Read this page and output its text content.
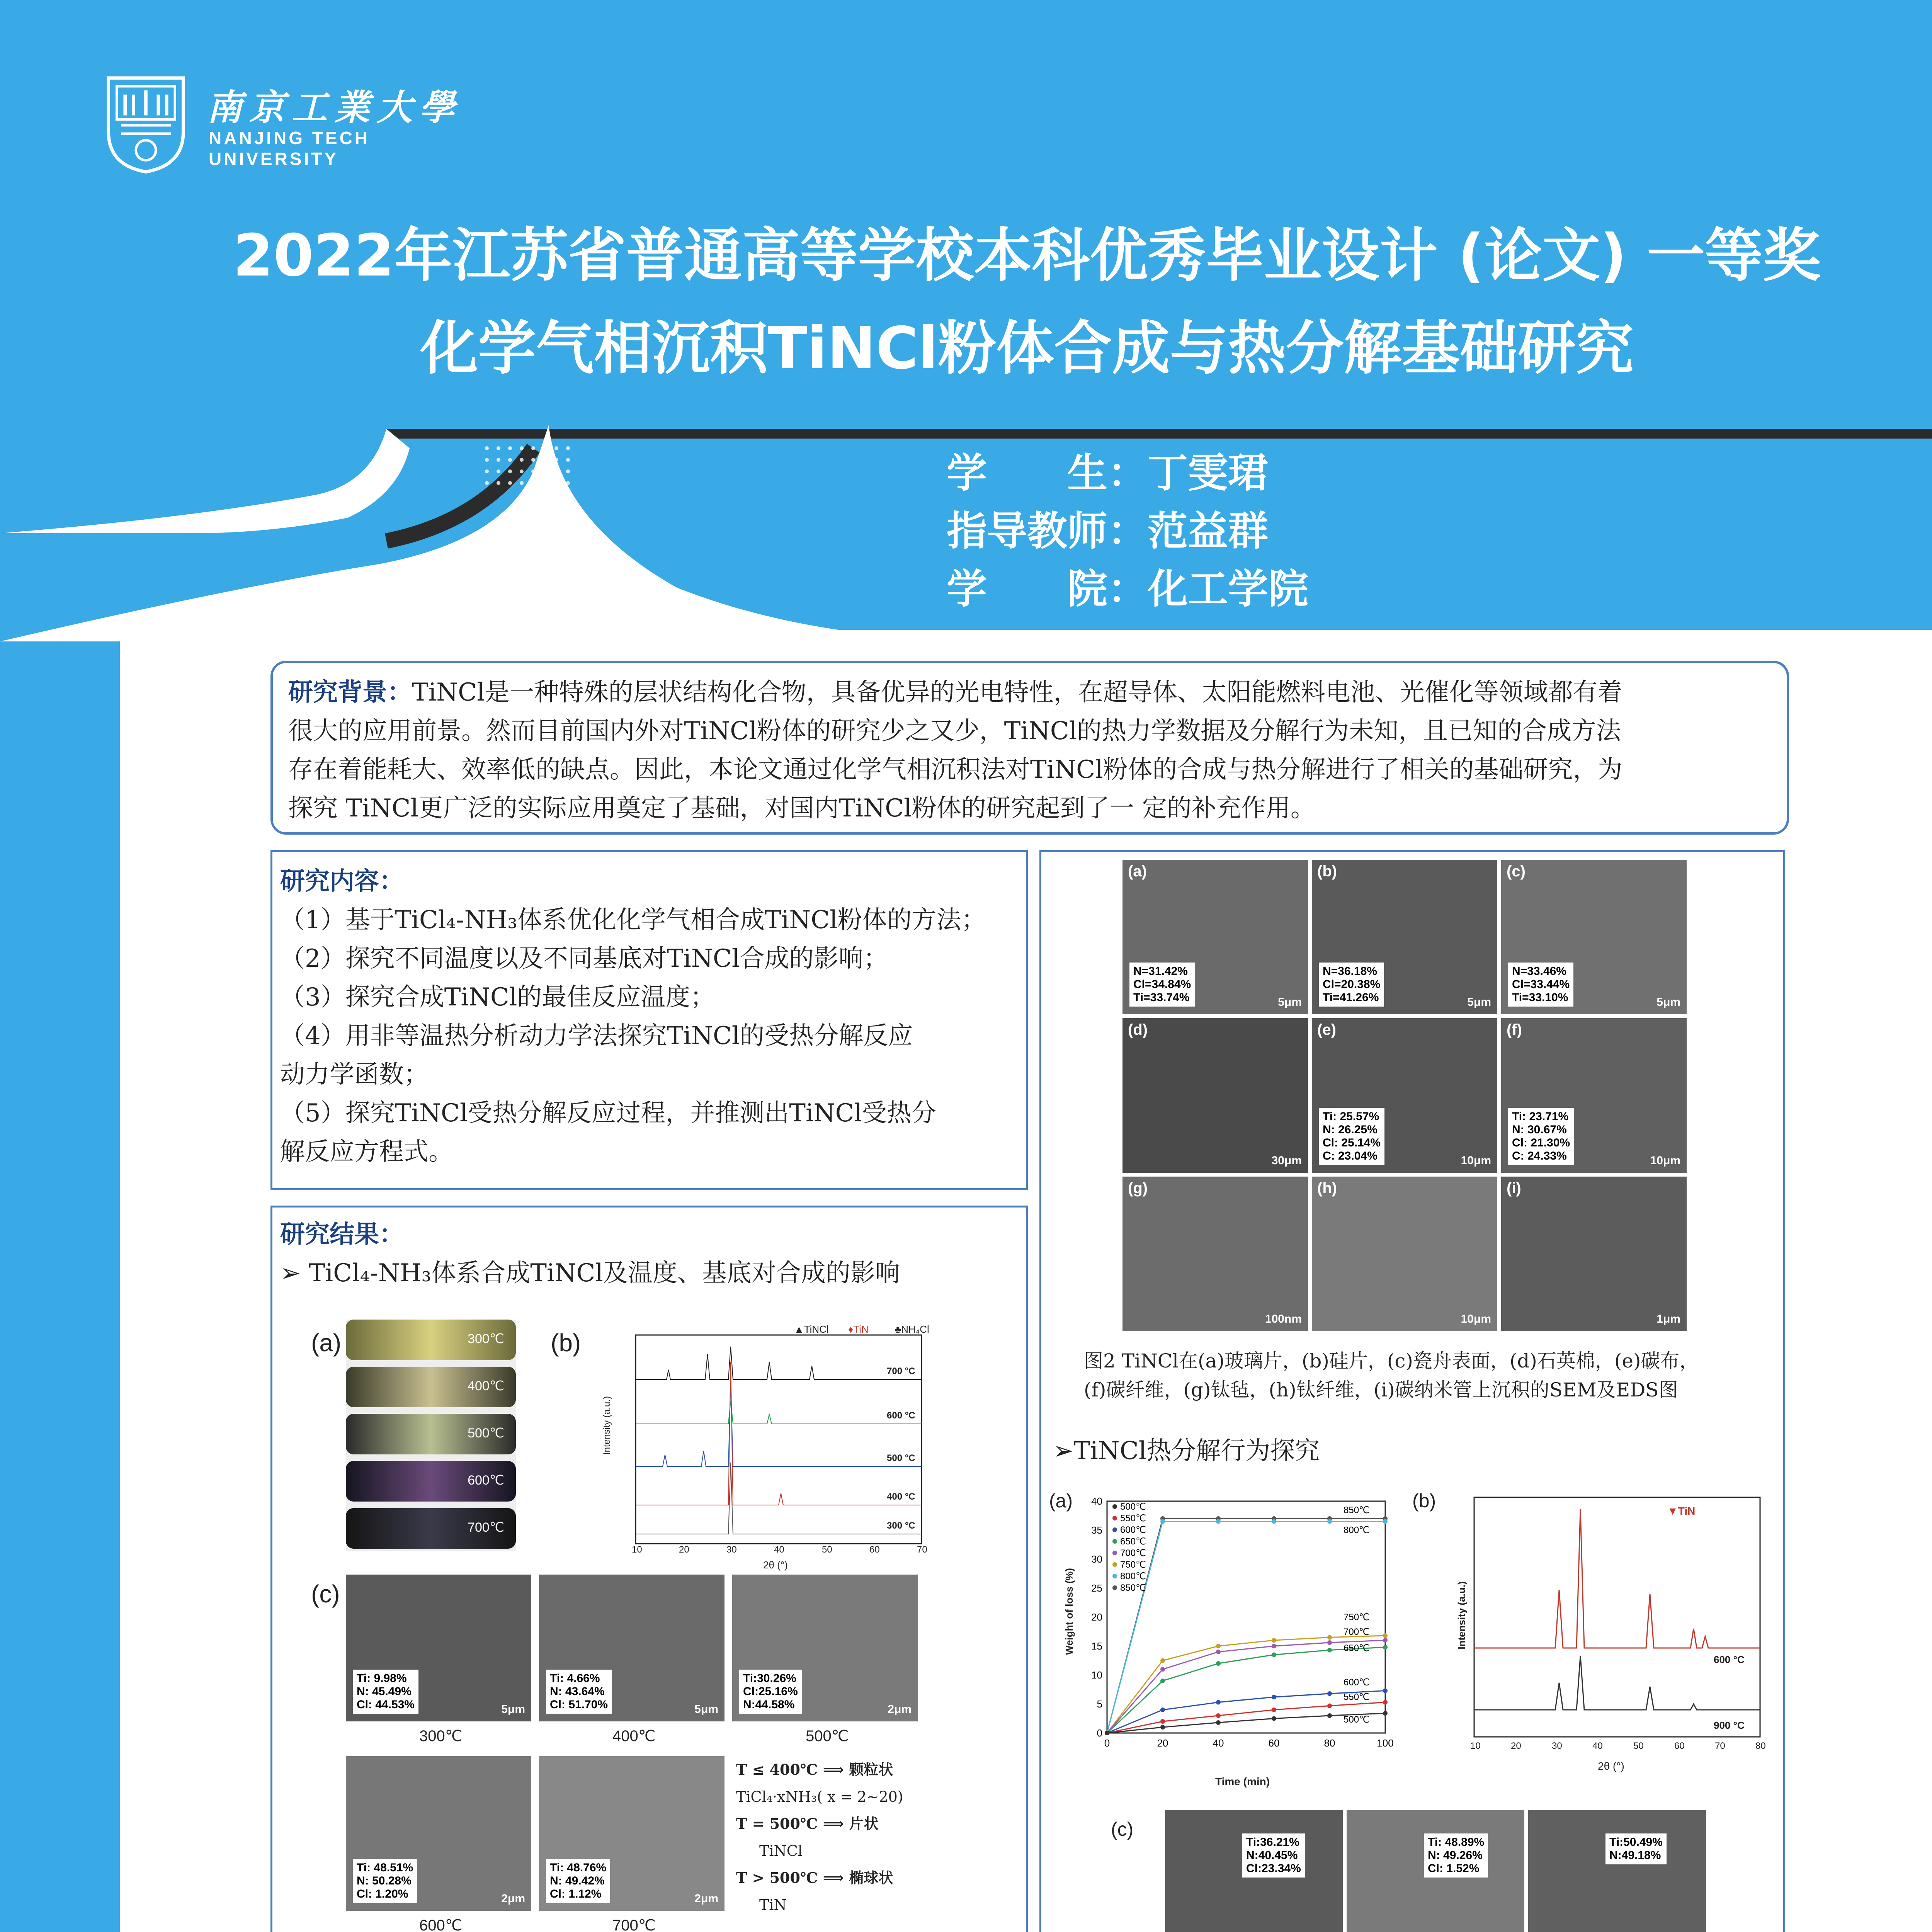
南京工業大學
NANJING TECH
UNIVERSITY
2022年江苏省普通高等学校本科优秀毕业设计 (论文) 一等奖
化学气相沉积TiNCl粉体合成与热分解基础研究
学　　生：丁雯珺
指导教师：范益群
学　　院：化工学院
研究背景：TiNCl是一种特殊的层状结构化合物，具备优异的光电特性，在超导体、太阳能燃料电池、光催化等领域都有着
很大的应用前景。然而目前国内外对TiNCl粉体的研究少之又少，TiNCl的热力学数据及分解行为未知，且已知的合成方法
存在着能耗大、效率低的缺点。因此，本论文通过化学气相沉积法对TiNCl粉体的合成与热分解进行了相关的基础研究，为
探究 TiNCl更广泛的实际应用奠定了基础，对国内TiNCl粉体的研究起到了一 定的补充作用。
研究内容：
（1）基于TiCl₄-NH₃体系优化化学气相合成TiNCl粉体的方法；
（2）探究不同温度以及不同基底对TiNCl合成的影响；
（3）探究合成TiNCl的最佳反应温度；
（4）用非等温热分析动力学法探究TiNCl的受热分解反应
动力学函数；
（5）探究TiNCl受热分解反应过程，并推测出TiNCl受热分
解反应方程式。
研究结果：
➢ TiCl₄-NH₃体系合成TiNCl及温度、基底对合成的影响
(a)	300℃
400℃
500℃
600℃
700℃
(b)	▲TiNCl ♦TiN	♣NH₄Cl
700 °C
600 °C
500 °C
400 °C
300 °C
Intensity (a.u.)
2θ (°)
10	20	30	40	50	60	70
(c)
Ti: 9.98%
N: 45.49%
Cl: 44.53%	5μm
Ti: 4.66%
N: 43.64%
Cl: 51.70%	5μm
Ti:30.26%
Cl:25.16%
N:44.58%	2μm
300℃	400℃	500℃
Ti: 48.51%
N: 50.28%
Cl: 1.20%	2μm
Ti: 48.76%
N: 49.42%
Cl: 1.12%	2μm
600℃	700℃
T ≤ 400℃ ⟹ 颗粒状
TiCl₄·xNH₃( x = 2~20)
T = 500℃ ⟹ 片状
TiNCl
T > 500℃ ⟹ 椭球状
TiN
(a)
N=31.42%
Cl=34.84%
Ti=33.74%	5μm
(b)
N=36.18%
Cl=20.38%
Ti=41.26%	5μm
(c)
N=33.46%
Cl=33.44%
Ti=33.10%	5μm
(d)
30μm
(e)
Ti: 25.57%
N: 26.25%
Cl: 25.14%
C: 23.04%	10μm
(f)
Ti: 23.71%
N: 30.67%
Cl: 21.30%
C: 24.33%	10μm
(g)
100nm
(h)
10μm
(i)
1μm
图2 TiNCl在(a)玻璃片，(b)硅片，(c)瓷舟表面，(d)石英棉，(e)碳布，
(f)碳纤维，(g)钛毡，(h)钛纤维，(i)碳纳米管上沉积的SEM及EDS图
➢TiNCl热分解行为探究
(a)
0	20	40	60	80	100
0
5
10
15
20
25
30
35
40 500℃
550℃
600℃
650℃
700℃
750℃
800℃
850℃
850℃
800℃
750℃
700℃
650℃
600℃
550℃
500℃
Weight of loss (%)
Time (min)
(b)	▼TiN
600 °C
900 °C
Intensity (a.u.)
2θ (°)
10	20	30	40	50	60	70	80
(c)
Ti:36.21%
N:40.45%
Cl:23.34%
Ti: 48.89%
N: 49.26%
Cl: 1.52%
Ti:50.49%
N:49.18%
